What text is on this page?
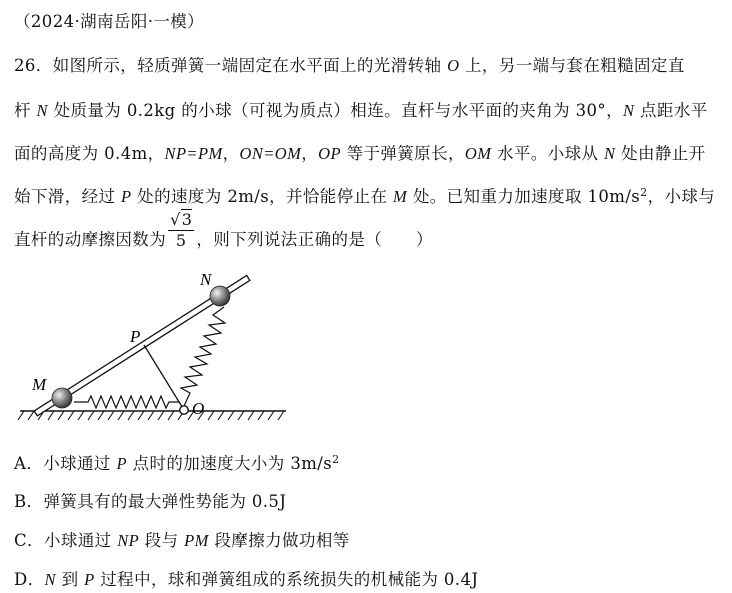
（2024·湖南岳阳·一模）
26．如图所示，轻质弹簧一端固定在水平面上的光滑转轴 O 上，另一端与套在粗糙固定直
杆 N 处质量为 0.2kg 的小球（可视为质点）相连。直杆与水平面的夹角为 30°，N 点距水平
面的高度为 0.4m，NP=PM，ON=OM，OP 等于弹簧原长，OM 水平。小球从 N 处由静止开
始下滑，经过 P 处的速度为 2m/s，并恰能停止在 M 处。已知重力加速度取 $10m/s^2$，小球与
直杆的动摩擦因数为 $\frac{√3}{5}$ ，则下列说法正确的是（　　）
N
P
M
O
A．小球通过 P 点时的加速度大小为 $3m/s^2$
B．弹簧具有的最大弹性势能为 0.5J
C．小球通过 NP 段与 PM 段摩擦力做功相等
D．N 到 P 过程中，球和弹簧组成的系统损失的机械能为 0.4J
